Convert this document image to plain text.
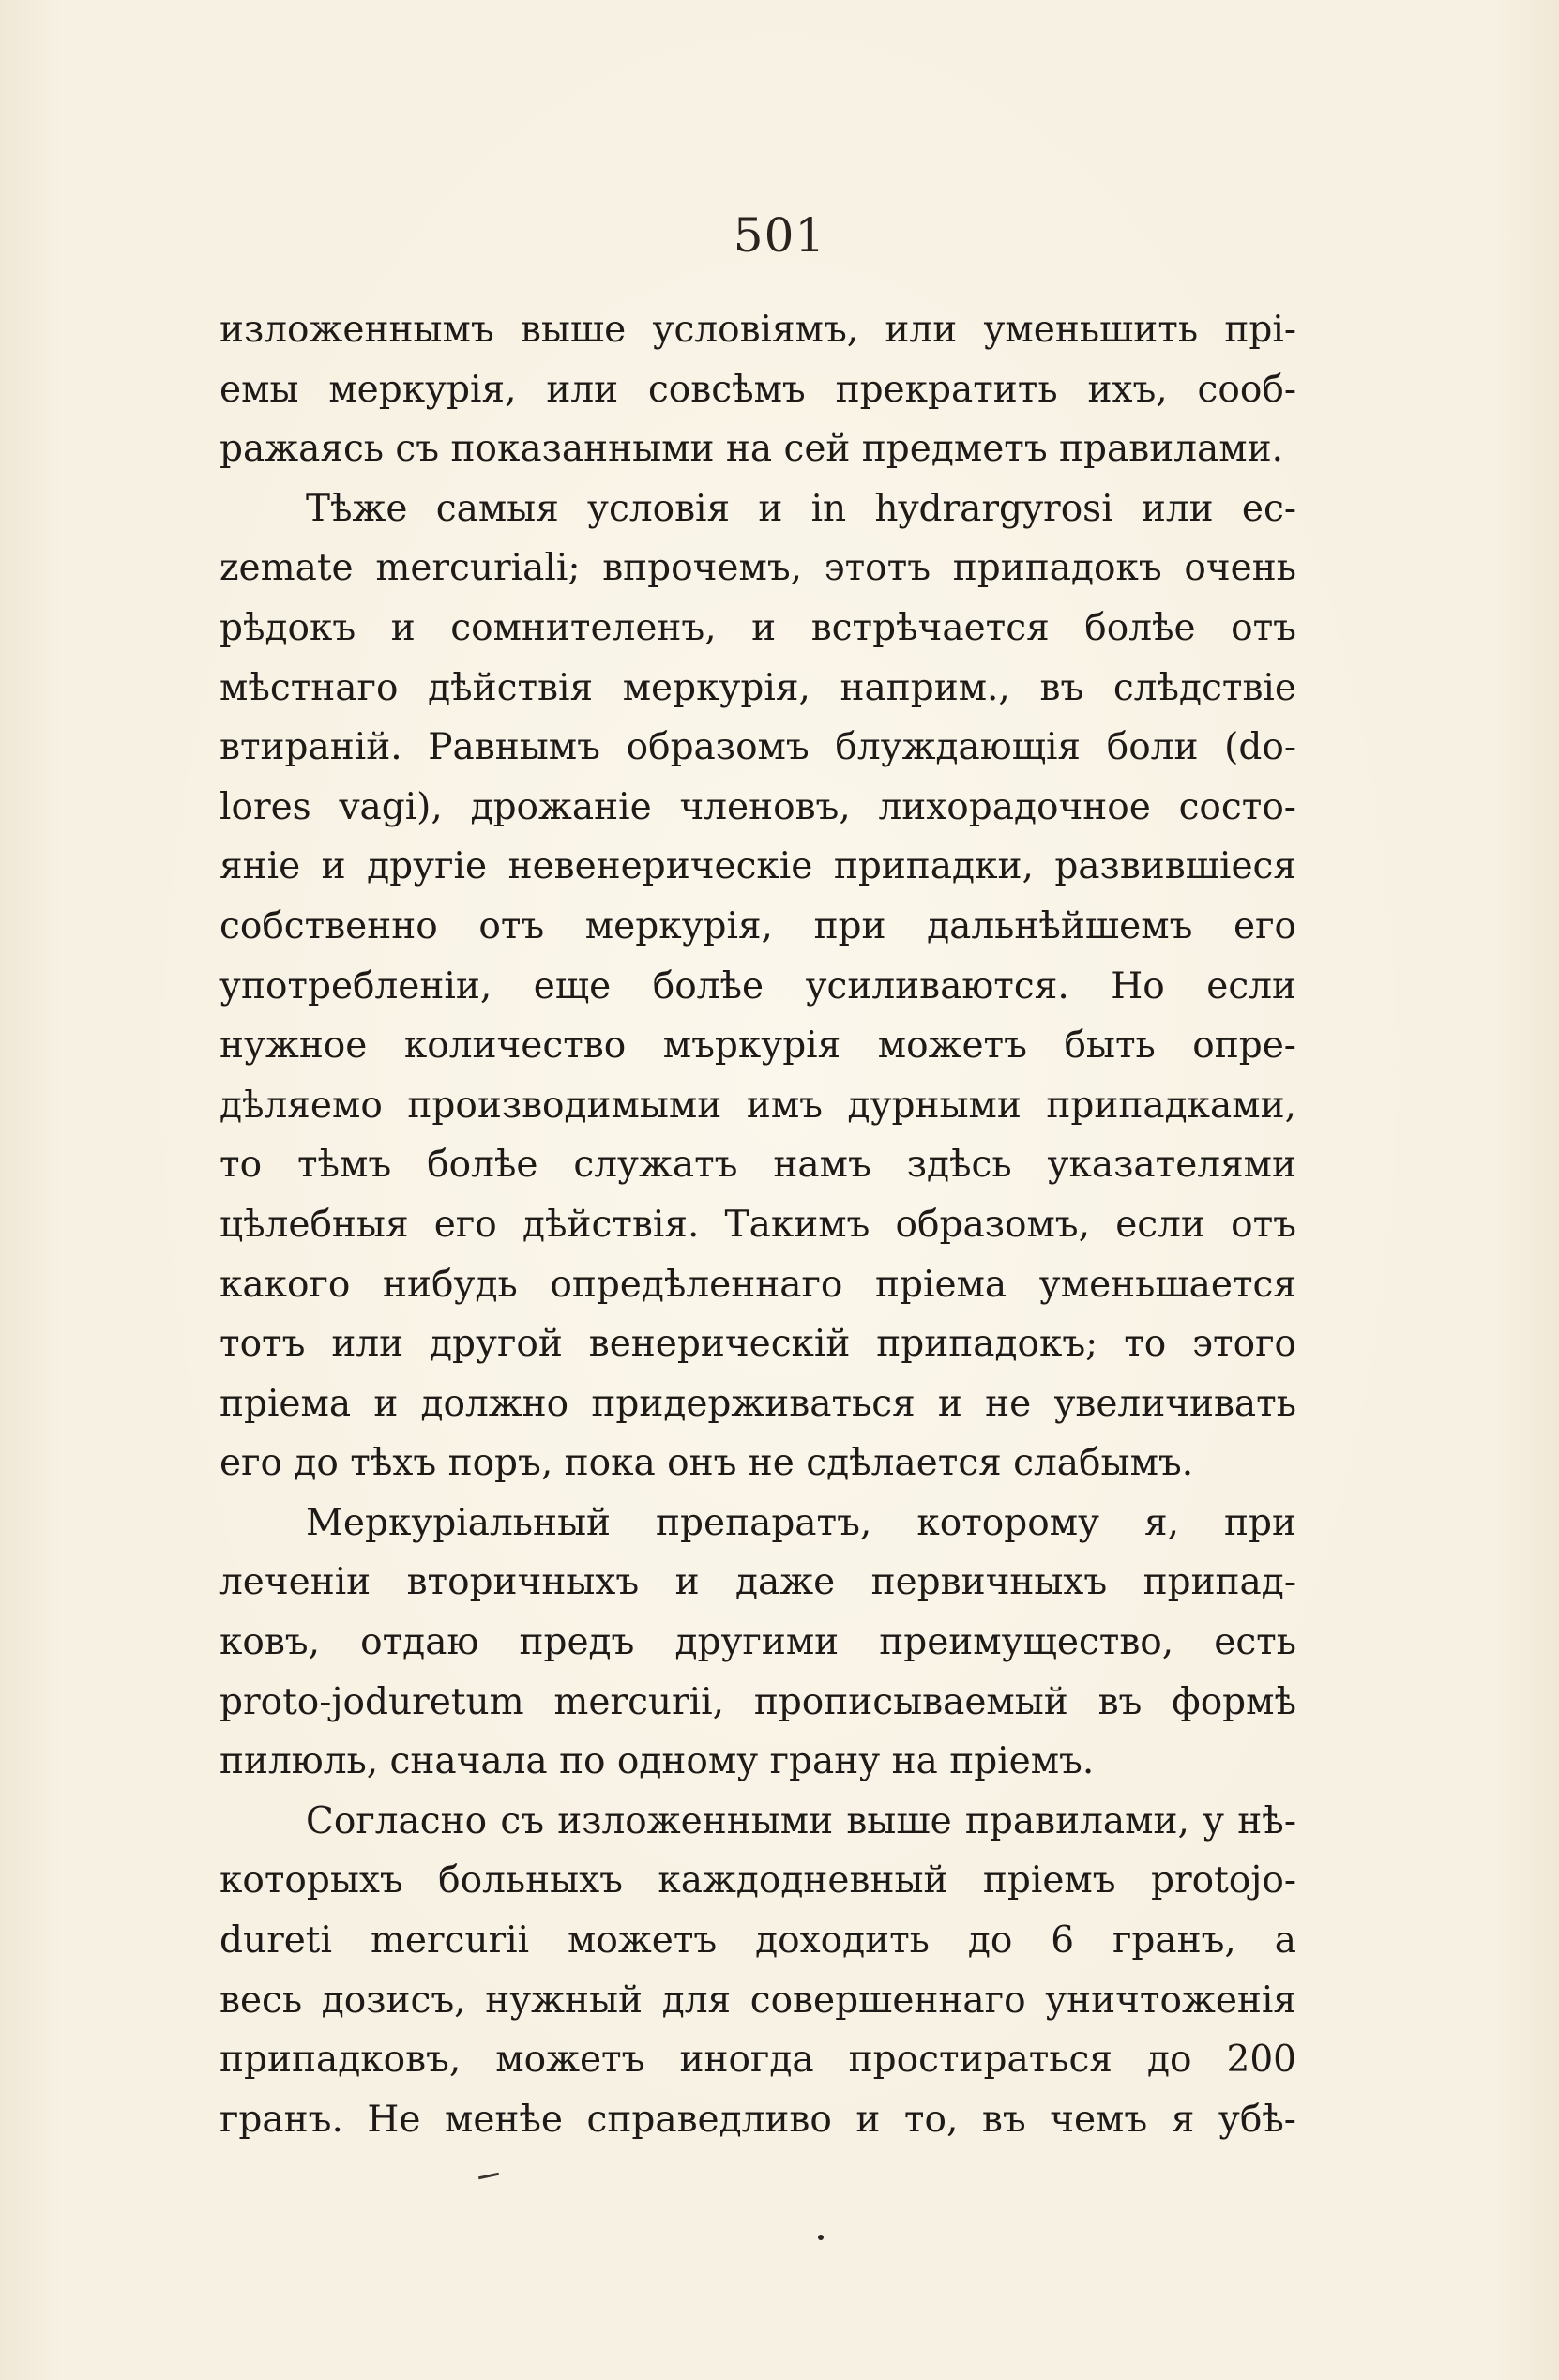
501
изложеннымъ выше условіямъ, или уменьшить прі-
емы меркурія, или совсѣмъ прекратить ихъ, сооб-
ражаясь съ показанными на сей предметъ правилами.
Тѣже самыя условія и in hydrargyrosi или ec-
zemate mercuriali; впрочемъ, этотъ припадокъ очень
рѣдокъ и сомнителенъ, и встрѣчается болѣе отъ
мѣстнаго дѣйствія меркурія, наприм., въ слѣдствіе
втираній. Равнымъ образомъ блуждающія боли (do-
lores vagi), дрожаніе членовъ, лихорадочное состо-
яніе и другіе невенерическіе припадки, развившіеся
собственно отъ меркурія, при дальнѣйшемъ его
употребленіи, еще болѣе усиливаются. Но если
нужное количество мъркурія можетъ быть опре-
дѣляемо производимыми имъ дурными припадками,
то тѣмъ болѣе служатъ намъ здѣсь указателями
цѣлебныя его дѣйствія. Такимъ образомъ, если отъ
какого нибудь опредѣленнаго пріема уменьшается
тотъ или другой венерическій припадокъ; то этого
пріема и должно придерживаться и не увеличивать
его до тѣхъ поръ, пока онъ не сдѣлается слабымъ.
Меркуріальный препаратъ, которому я, при
леченіи вторичныхъ и даже первичныхъ припад-
ковъ, отдаю предъ другими преимущество, есть
proto-joduretum mercurii, прописываемый въ формѣ
пилюль, сначала по одному грану на пріемъ.
Согласно съ изложенными выше правилами, у нѣ-
которыхъ больныхъ каждодневный пріемъ protojo-
dureti mercurii можетъ доходить до 6 гранъ, а
весь дозисъ, нужный для совершеннаго уничтоженія
припадковъ, можетъ иногда простираться до 200
гранъ. Не менѣе справедливо и то, въ чемъ я убѣ-
